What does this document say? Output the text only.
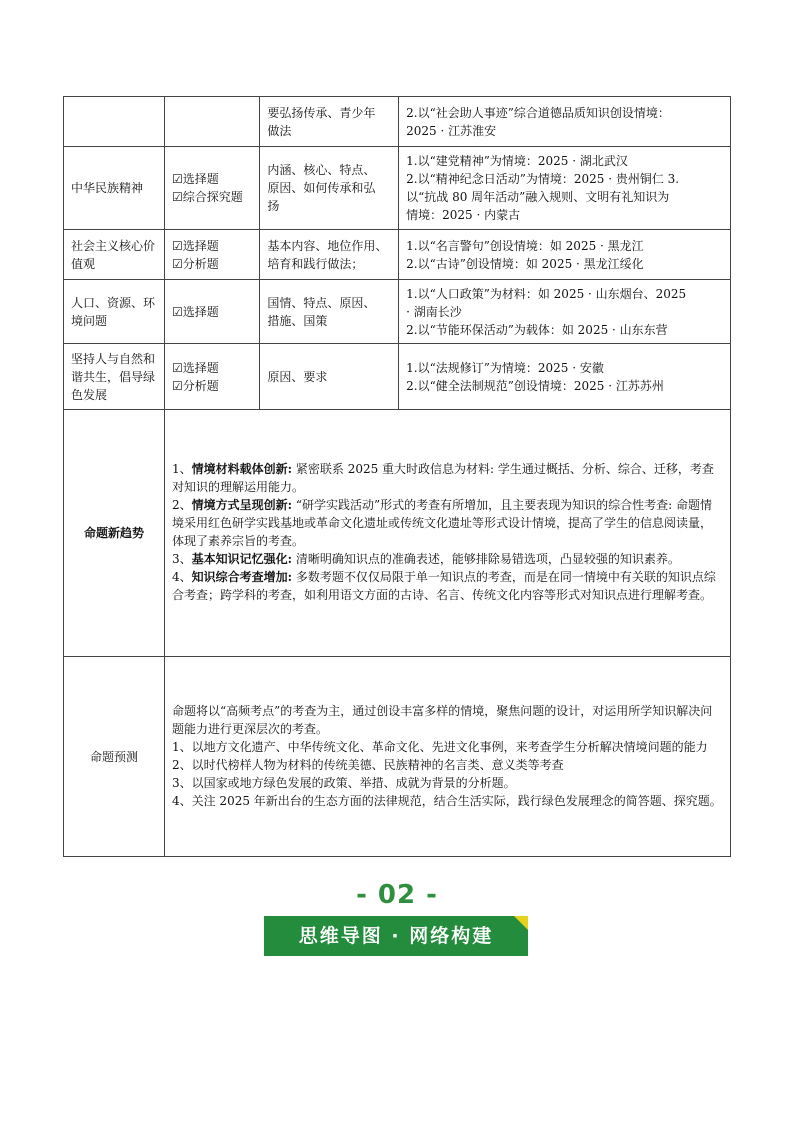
		要弘扬传承、青少年
做法	2.以“社会助人事迹”综合道德品质知识创设情境：
2025 · 江苏淮安

中华民族精神	☑选择题
☑综合探究题	内涵、核心、特点、
原因、如何传承和弘
扬	1.以“建党精神”为情境：2025 · 湖北武汉
2.以“精神纪念日活动”为情境：2025 · 贵州铜仁 3.
以“抗战 80 周年活动”融入规则、文明有礼知识为
情境：2025 · 内蒙古

社会主义核心价值观	☑选择题
☑分析题	基本内容、地位作用、
培育和践行做法；	1.以“名言警句”创设情境：如 2025 · 黑龙江
2.以“古诗”创设情境：如 2025 · 黑龙江绥化

人口、资源、环境问题	☑选择题	国情、特点、原因、
措施、国策	1.以“人口政策”为材料：如 2025 · 山东烟台、2025
· 湖南长沙
2.以“节能环保活动”为载体：如 2025 · 山东东营

坚持人与自然和谐共生，倡导绿色发展	☑选择题
☑分析题	原因、要求	1.以“法规修订”为情境：2025 · 安徽
2.以“健全法制规范”创设情境：2025 · 江苏苏州

命题新趋势	1、情境材料载体创新: 紧密联系 2025 重大时政信息为材料: 学生通过概括、分析、综合、迁移，考查对知识的理解运用能力。
2、情境方式呈现创新: “研学实践活动”形式的考查有所增加，且主要表现为知识的综合性考查: 命题情境采用红色研学实践基地或革命文化遗址或传统文化遗址等形式设计情境，提高了学生的信息阅读量，体现了素养宗旨的考查。
3、基本知识记忆强化: 清晰明确知识点的准确表述，能够排除易错选项，凸显较强的知识素养。
4、知识综合考查增加: 多数考题不仅仅局限于单一知识点的考查，而是在同一情境中有关联的知识点综合考查；跨学科的考查，如利用语文方面的古诗、名言、传统文化内容等形式对知识点进行理解考查。		

命题预测	命题将以“高频考点”的考查为主，通过创设丰富多样的情境，聚焦问题的设计，对运用所学知识解决问题能力进行更深层次的考查。
1、以地方文化遗产、中华传统文化、革命文化、先进文化事例，来考查学生分析解决情境问题的能力
2、以时代榜样人物为材料的传统美德、民族精神的名言类、意义类等考查
3、以国家或地方绿色发展的政策、举措、成就为背景的分析题。
4、关注 2025 年新出台的生态方面的法律规范，结合生活实际，践行绿色发展理念的简答题、探究题。		
- 02 -
思维导图 · 网络构建
